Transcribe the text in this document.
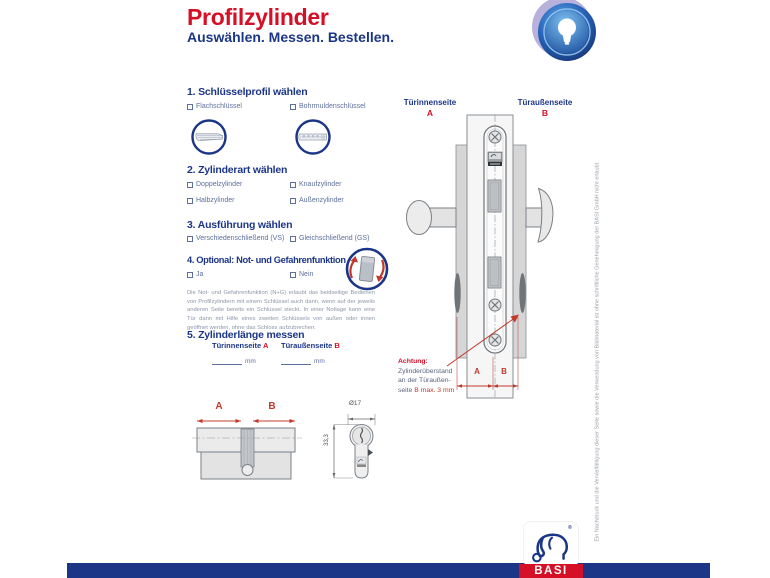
Profilzylinder
Auswählen. Messen. Bestellen.
1. Schlüsselprofil wählen
Flachschlüssel	Bohrmuldenschlüssel
2. Zylinderart wählen
Doppelzylinder	Knaufzylinder
Halbzylinder	Außenzylinder
3. Ausführung wählen
Verschiedenschließend (VS) Gleichschließend (GS)
4. Optional: Not- und Gefahrenfunktion
Ja	Nein
Die Not- und Gefahrenfunktion (N+G) erlaubt das beidseitige Bedienen von Profilzylindern mit einem Schlüssel auch dann, wenn auf der jeweils anderen Seite bereits ein Schlüssel steckt. In einer Notlage kann eine Tür dann mit Hilfe eines zweiten Schlüssels von außen oder innen geöffnet werden, ohne das Schloss aufzubrechen.
5. Zylinderlänge messen
Türinnenseite A Türaußenseite B
mm	mm
A	B	Ø17
33,3
Türinnenseite
A
Türaußenseite
B
A	B
Achtung:
Zylinderüberstand
an der Türaußen-
seite B max. 3 mm	Ein Nachdruck und die Vervielfältigung dieser Seite sowie die Verwendung von Bildmaterial ist ohne schriftliche Genehmigung der BASI GmbH nicht erlaubt.
®
BASI
